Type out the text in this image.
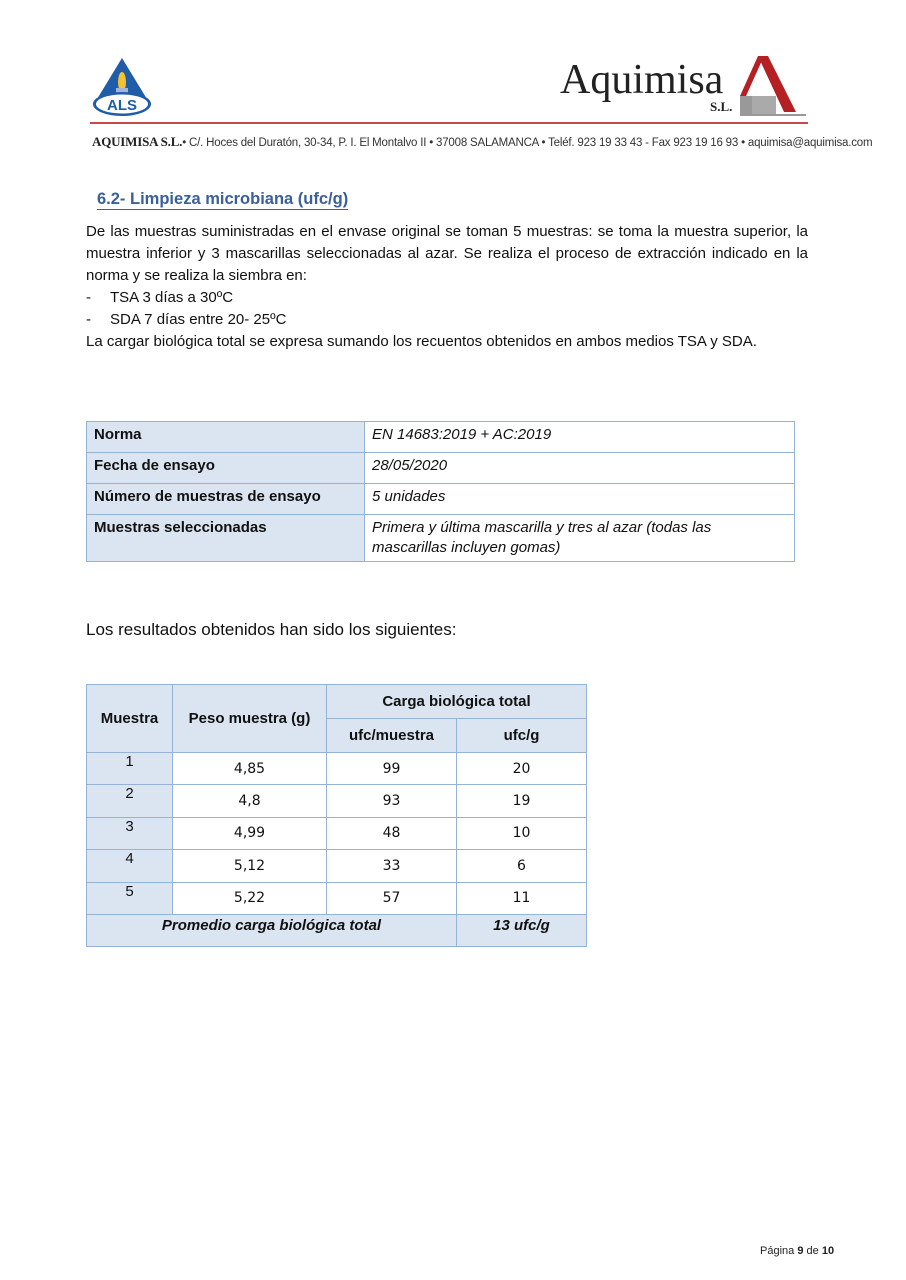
ALS
Aquimisa
S.L.
AQUIMISA S.L.• C/. Hoces del Duratón, 30-34, P. I. El Montalvo II • 37008 SALAMANCA • Teléf. 923 19 33 43 - Fax 923 19 16 93 • aquimisa@aquimisa.com
6.2- Limpieza microbiana (ufc/g)

De las muestras suministradas en el envase original se toman 5 muestras: se toma la muestra superior, la muestra inferior y 3 mascarillas seleccionadas al azar. Se realiza el proceso de extracción indicado en la norma y se realiza la siembra en:

-	TSA 3 días a 30ºC
-	SDA 7 días entre 20- 25ºC

La cargar biológica total se expresa sumando los recuentos obtenidos en ambos medios TSA y SDA.

Norma	EN 14683:2019 + AC:2019
Fecha de ensayo	28/05/2020
Número de muestras de ensayo	5 unidades
Muestras seleccionadas	Primera y última mascarilla y tres al azar (todas las mascarillas incluyen gomas)
Los resultados obtenidos han sido los siguientes:
Muestra	Peso muestra (g)	Carga biológica total	
		ufc/muestra	ufc/g
1	4,85	99	20
2	4,8	93	19
3	4,99	48	10
4	5,12	33	6
5	5,22	57	11
Promedio carga biológica total			13 ufc/g
Página 9 de 10
